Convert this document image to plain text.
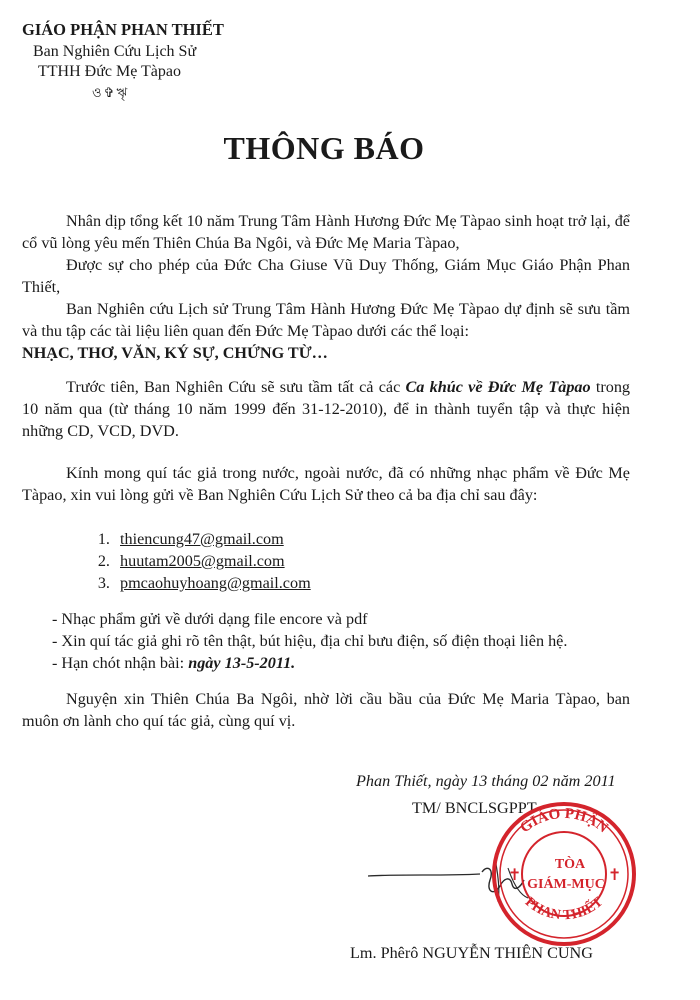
GIÁO PHẬN PHAN THIẾT
Ban Nghiên Cứu Lịch Sử
TTHH Đức Mẹ Tàpao
ও✞ৠ
THÔNG BÁO

Nhân dịp tổng kết 10 năm Trung Tâm Hành Hương Đức Mẹ Tàpao sinh hoạt trở lại, để cổ vũ lòng yêu mến Thiên Chúa Ba Ngôi, và Đức Mẹ Maria Tàpao,

Được sự cho phép của Đức Cha Giuse Vũ Duy Thống, Giám Mục Giáo Phận Phan Thiết,

Ban Nghiên cứu Lịch sử Trung Tâm Hành Hương Đức Mẹ Tàpao dự định sẽ sưu tầm và thu tập các tài liệu liên quan đến Đức Mẹ Tàpao dưới các thể loại:

NHẠC, THƠ, VĂN, KÝ SỰ, CHỨNG TỪ…

Trước tiên, Ban Nghiên Cứu sẽ sưu tầm tất cả các Ca khúc về Đức Mẹ Tàpao trong 10 năm qua (từ tháng 10 năm 1999 đến 31-12-2010), để in thành tuyển tập và thực hiện những CD, VCD, DVD.

Kính mong quí tác giả trong nước, ngoài nước, đã có những nhạc phẩm về Đức Mẹ Tàpao, xin vui lòng gửi về Ban Nghiên Cứu Lịch Sử theo cả ba địa chỉ sau đây:

1. thiencung47@gmail.com
2. huutam2005@gmail.com
3. pmcaohuyhoang@gmail.com
- Nhạc phẩm gửi về dưới dạng file encore và pdf
- Xin quí tác giả ghi rõ tên thật, bút hiệu, địa chỉ bưu điện, số điện thoại liên hệ.
- Hạn chót nhận bài: ngày 13-5-2011.

Nguyện xin Thiên Chúa Ba Ngôi, nhờ lời cầu bầu của Đức Mẹ Maria Tàpao, ban muôn ơn lành cho quí tác giả, cùng quí vị.

Phan Thiết, ngày 13 tháng 02 năm 2011
TM/ BNCLSGPPT
GIÁO PHẬN
PHAN THIẾT
✝	✝
TÒA
GIÁM-MỤC
Lm. Phêrô NGUYỄN THIÊN CUNG
